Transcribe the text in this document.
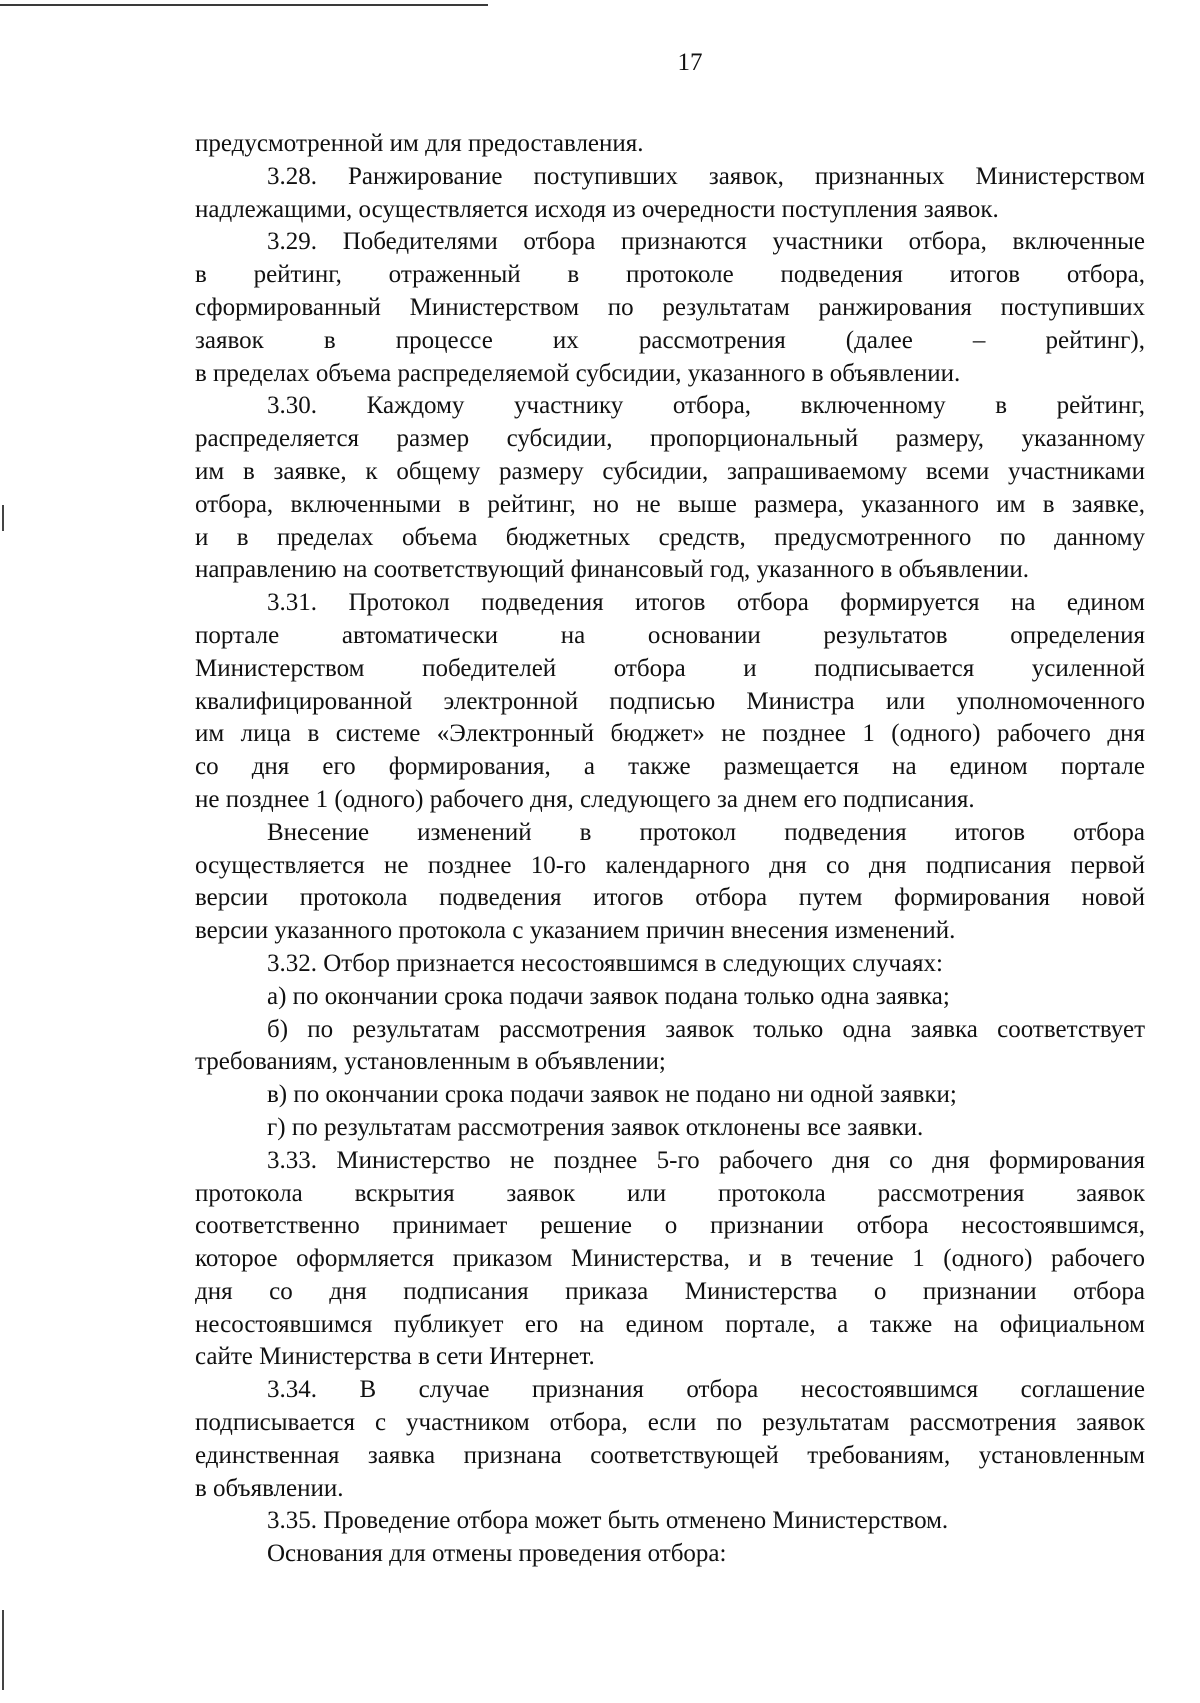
17

предусмотренной им для предоставления.

3.28. Ранжирование поступивших заявок, признанных Министерством
надлежащими, осуществляется исходя из очередности поступления заявок.

3.29. Победителями отбора признаются участники отбора, включенные
в рейтинг, отраженный в протоколе подведения итогов отбора,
сформированный Министерством по результатам ранжирования поступивших
заявок в процессе их рассмотрения (далее – рейтинг),
в пределах объема распределяемой субсидии, указанного в объявлении.

3.30. Каждому участнику отбора, включенному в рейтинг,
распределяется размер субсидии, пропорциональный размеру, указанному
им в заявке, к общему размеру субсидии, запрашиваемому всеми участниками
отбора, включенными в рейтинг, но не выше размера, указанного им в заявке,
и в пределах объема бюджетных средств, предусмотренного по данному
направлению на соответствующий финансовый год, указанного в объявлении.

3.31. Протокол подведения итогов отбора формируется на едином
портале автоматически на основании результатов определения
Министерством победителей отбора и подписывается усиленной
квалифицированной электронной подписью Министра или уполномоченного
им лица в системе «Электронный бюджет» не позднее 1 (одного) рабочего дня
со дня его формирования, а также размещается на едином портале
не позднее 1 (одного) рабочего дня, следующего за днем его подписания.

Внесение изменений в протокол подведения итогов отбора
осуществляется не позднее 10-го календарного дня со дня подписания первой
версии протокола подведения итогов отбора путем формирования новой
версии указанного протокола с указанием причин внесения изменений.

3.32. Отбор признается несостоявшимся в следующих случаях:

а) по окончании срока подачи заявок подана только одна заявка;

б) по результатам рассмотрения заявок только одна заявка соответствует
требованиям, установленным в объявлении;

в) по окончании срока подачи заявок не подано ни одной заявки;

г) по результатам рассмотрения заявок отклонены все заявки.

3.33. Министерство не позднее 5-го рабочего дня со дня формирования
протокола вскрытия заявок или протокола рассмотрения заявок
соответственно принимает решение о признании отбора несостоявшимся,
которое оформляется приказом Министерства, и в течение 1 (одного) рабочего
дня со дня подписания приказа Министерства о признании отбора
несостоявшимся публикует его на едином портале, а также на официальном
сайте Министерства в сети Интернет.

3.34. В случае признания отбора несостоявшимся соглашение
подписывается с участником отбора, если по результатам рассмотрения заявок
единственная заявка признана соответствующей требованиям, установленным
в объявлении.

3.35. Проведение отбора может быть отменено Министерством.

Основания для отмены проведения отбора:
